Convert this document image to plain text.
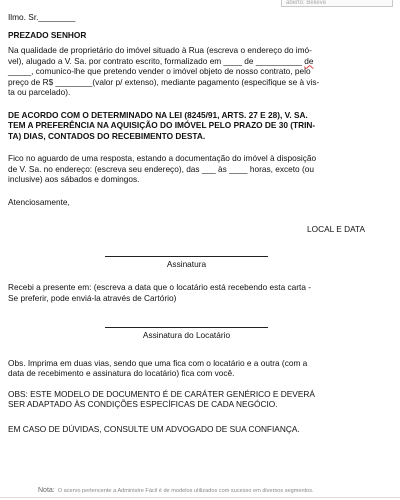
aberto: Believe

Ilmo. Sr.________

PREZADO SENHOR

Na qualidade de proprietário do imóvel situado à Rua (escreva o endereço do imó-

vel), alugado a V. Sa. por contrato escrito, formalizado em ____ de __________ de

_____, comunico-lhe que pretendo vender o imóvel objeto de nosso contrato, pelo

preço de R$ ________(valor p/ extenso), mediante pagamento (especifique se à vis-

ta ou parcelado).

DE ACORDO COM O DETERMINADO NA LEI (8245/91, ARTS. 27 E 28), V. SA.

TEM A PREFERÊNCIA NA AQUISIÇÃO DO IMÓVEL PELO PRAZO DE 30 (TRIN-

TA) DIAS, CONTADOS DO RECEBIMENTO DESTA.

Fico no aguardo de uma resposta, estando a documentação do imóvel à disposição

de V. Sa. no endereço: (escreva seu endereço), das ___ às ____ horas, exceto (ou

inclusive) aos sábados e domingos.

Atenciosamente,

LOCAL E DATA

Assinatura

Recebi a presente em: (escreva a data que o locatário está recebendo esta carta -

Se preferir, pode enviá-la através de Cartório)

Assinatura do Locatário

Obs. Imprima em duas vias, sendo que uma fica com o locatário e a outra (com a

data de recebimento e assinatura do locatário) fica com você.

OBS: ESTE MODELO DE DOCUMENTO É DE CARÁTER GENÉRICO E DEVERÁ

SER ADAPTADO ÀS CONDIÇÕES ESPECÍFICAS DE CADA NEGÓCIO.

EM CASO DE DÚVIDAS, CONSULTE UM ADVOGADO DE SUA CONFIANÇA.

Nota: O acervo pertencente a Administre Fácil é de modelos utilizados com sucesso em diversos segmentos.
